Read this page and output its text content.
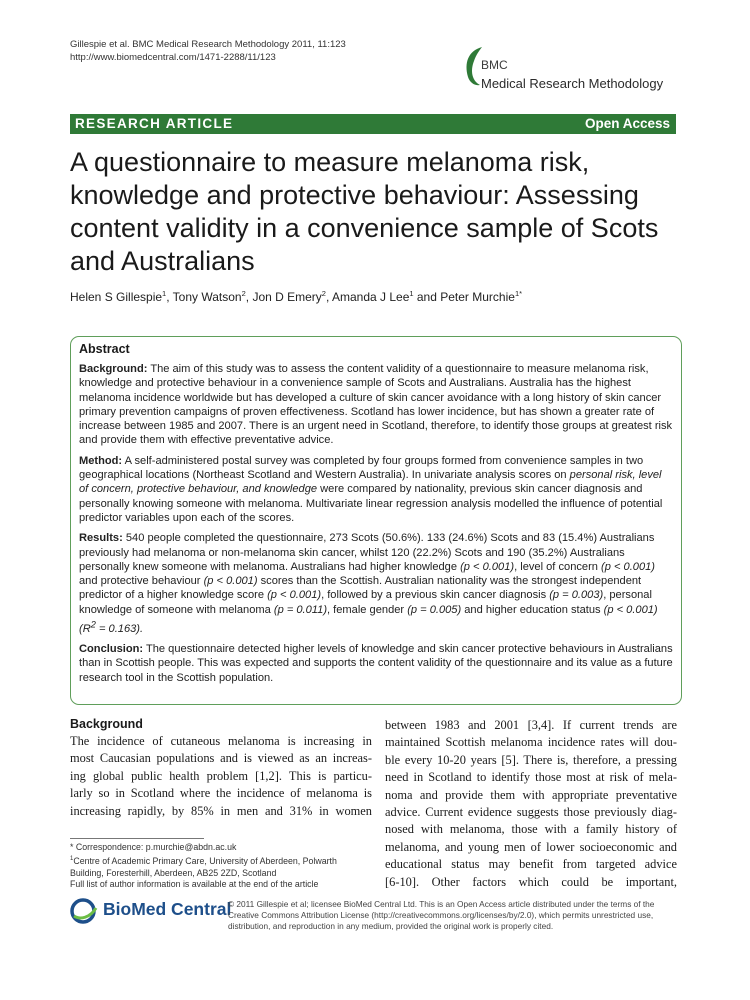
Gillespie et al. BMC Medical Research Methodology 2011, 11:123
http://www.biomedcentral.com/1471-2288/11/123
BMC
Medical Research Methodology
RESEARCH ARTICLE	Open Access
A questionnaire to measure melanoma risk, knowledge and protective behaviour: Assessing content validity in a convenience sample of Scots and Australians
Helen S Gillespie$^1$, Tony Watson$^2$, Jon D Emery$^2$, Amanda J Lee$^1$ and Peter Murchie$^{1*}$
Abstract
Background: The aim of this study was to assess the content validity of a questionnaire to measure melanoma risk, knowledge and protective behaviour in a convenience sample of Scots and Australians. Australia has the highest melanoma incidence worldwide but has developed a culture of skin cancer avoidance with a long history of skin cancer primary prevention campaigns of proven effectiveness. Scotland has lower incidence, but has shown a greater rate of increase between 1985 and 2007. There is an urgent need in Scotland, therefore, to identify those groups at greatest risk and provide them with effective preventative advice.
Method: A self-administered postal survey was completed by four groups formed from convenience samples in two geographical locations (Northeast Scotland and Western Australia). In univariate analysis scores on personal risk, level of concern, protective behaviour, and knowledge were compared by nationality, previous skin cancer diagnosis and personally knowing someone with melanoma. Multivariate linear regression analysis modelled the influence of potential predictor variables upon each of the scores.
Results: 540 people completed the questionnaire, 273 Scots (50.6%). 133 (24.6%) Scots and 83 (15.4%) Australians previously had melanoma or non-melanoma skin cancer, whilst 120 (22.2%) Scots and 190 (35.2%) Australians personally knew someone with melanoma. Australians had higher knowledge (p < 0.001), level of concern (p < 0.001) and protective behaviour (p < 0.001) scores than the Scottish. Australian nationality was the strongest independent predictor of a higher knowledge score (p < 0.001), followed by a previous skin cancer diagnosis (p = 0.003), personal knowledge of someone with melanoma (p = 0.011), female gender (p = 0.005) and higher education status (p < 0.001) $(R^2 = 0.163)$.
Conclusion: The questionnaire detected higher levels of knowledge and skin cancer protective behaviours in Australians than in Scottish people. This was expected and supports the content validity of the questionnaire and its value as a future research tool in the Scottish population.
Background
The incidence of cutaneous melanoma is increasing in
most Caucasian populations and is viewed as an increas-
ing global public health problem [1,2]. This is particu-
larly so in Scotland where the incidence of melanoma is
increasing rapidly, by 85% in men and 31% in women
between 1983 and 2001 [3,4]. If current trends are
maintained Scottish melanoma incidence rates will dou-
ble every 10-20 years [5]. There is, therefore, a pressing
need in Scotland to identify those most at risk of mela-
noma and provide them with appropriate preventative
advice. Current evidence suggests those previously diag-
nosed with melanoma, those with a family history of
melanoma, and young men of lower socioeconomic and
educational status may benefit from targeted advice
[6-10]. Other factors which could be important,
* Correspondence: p.murchie@abdn.ac.uk
$^1$Centre of Academic Primary Care, University of Aberdeen, Polwarth Building, Foresterhill, Aberdeen, AB25 2ZD, Scotland
Full list of author information is available at the end of the article
BioMed Central
© 2011 Gillespie et al; licensee BioMed Central Ltd. This is an Open Access article distributed under the terms of the Creative Commons Attribution License (http://creativecommons.org/licenses/by/2.0), which permits unrestricted use, distribution, and reproduction in any medium, provided the original work is properly cited.
